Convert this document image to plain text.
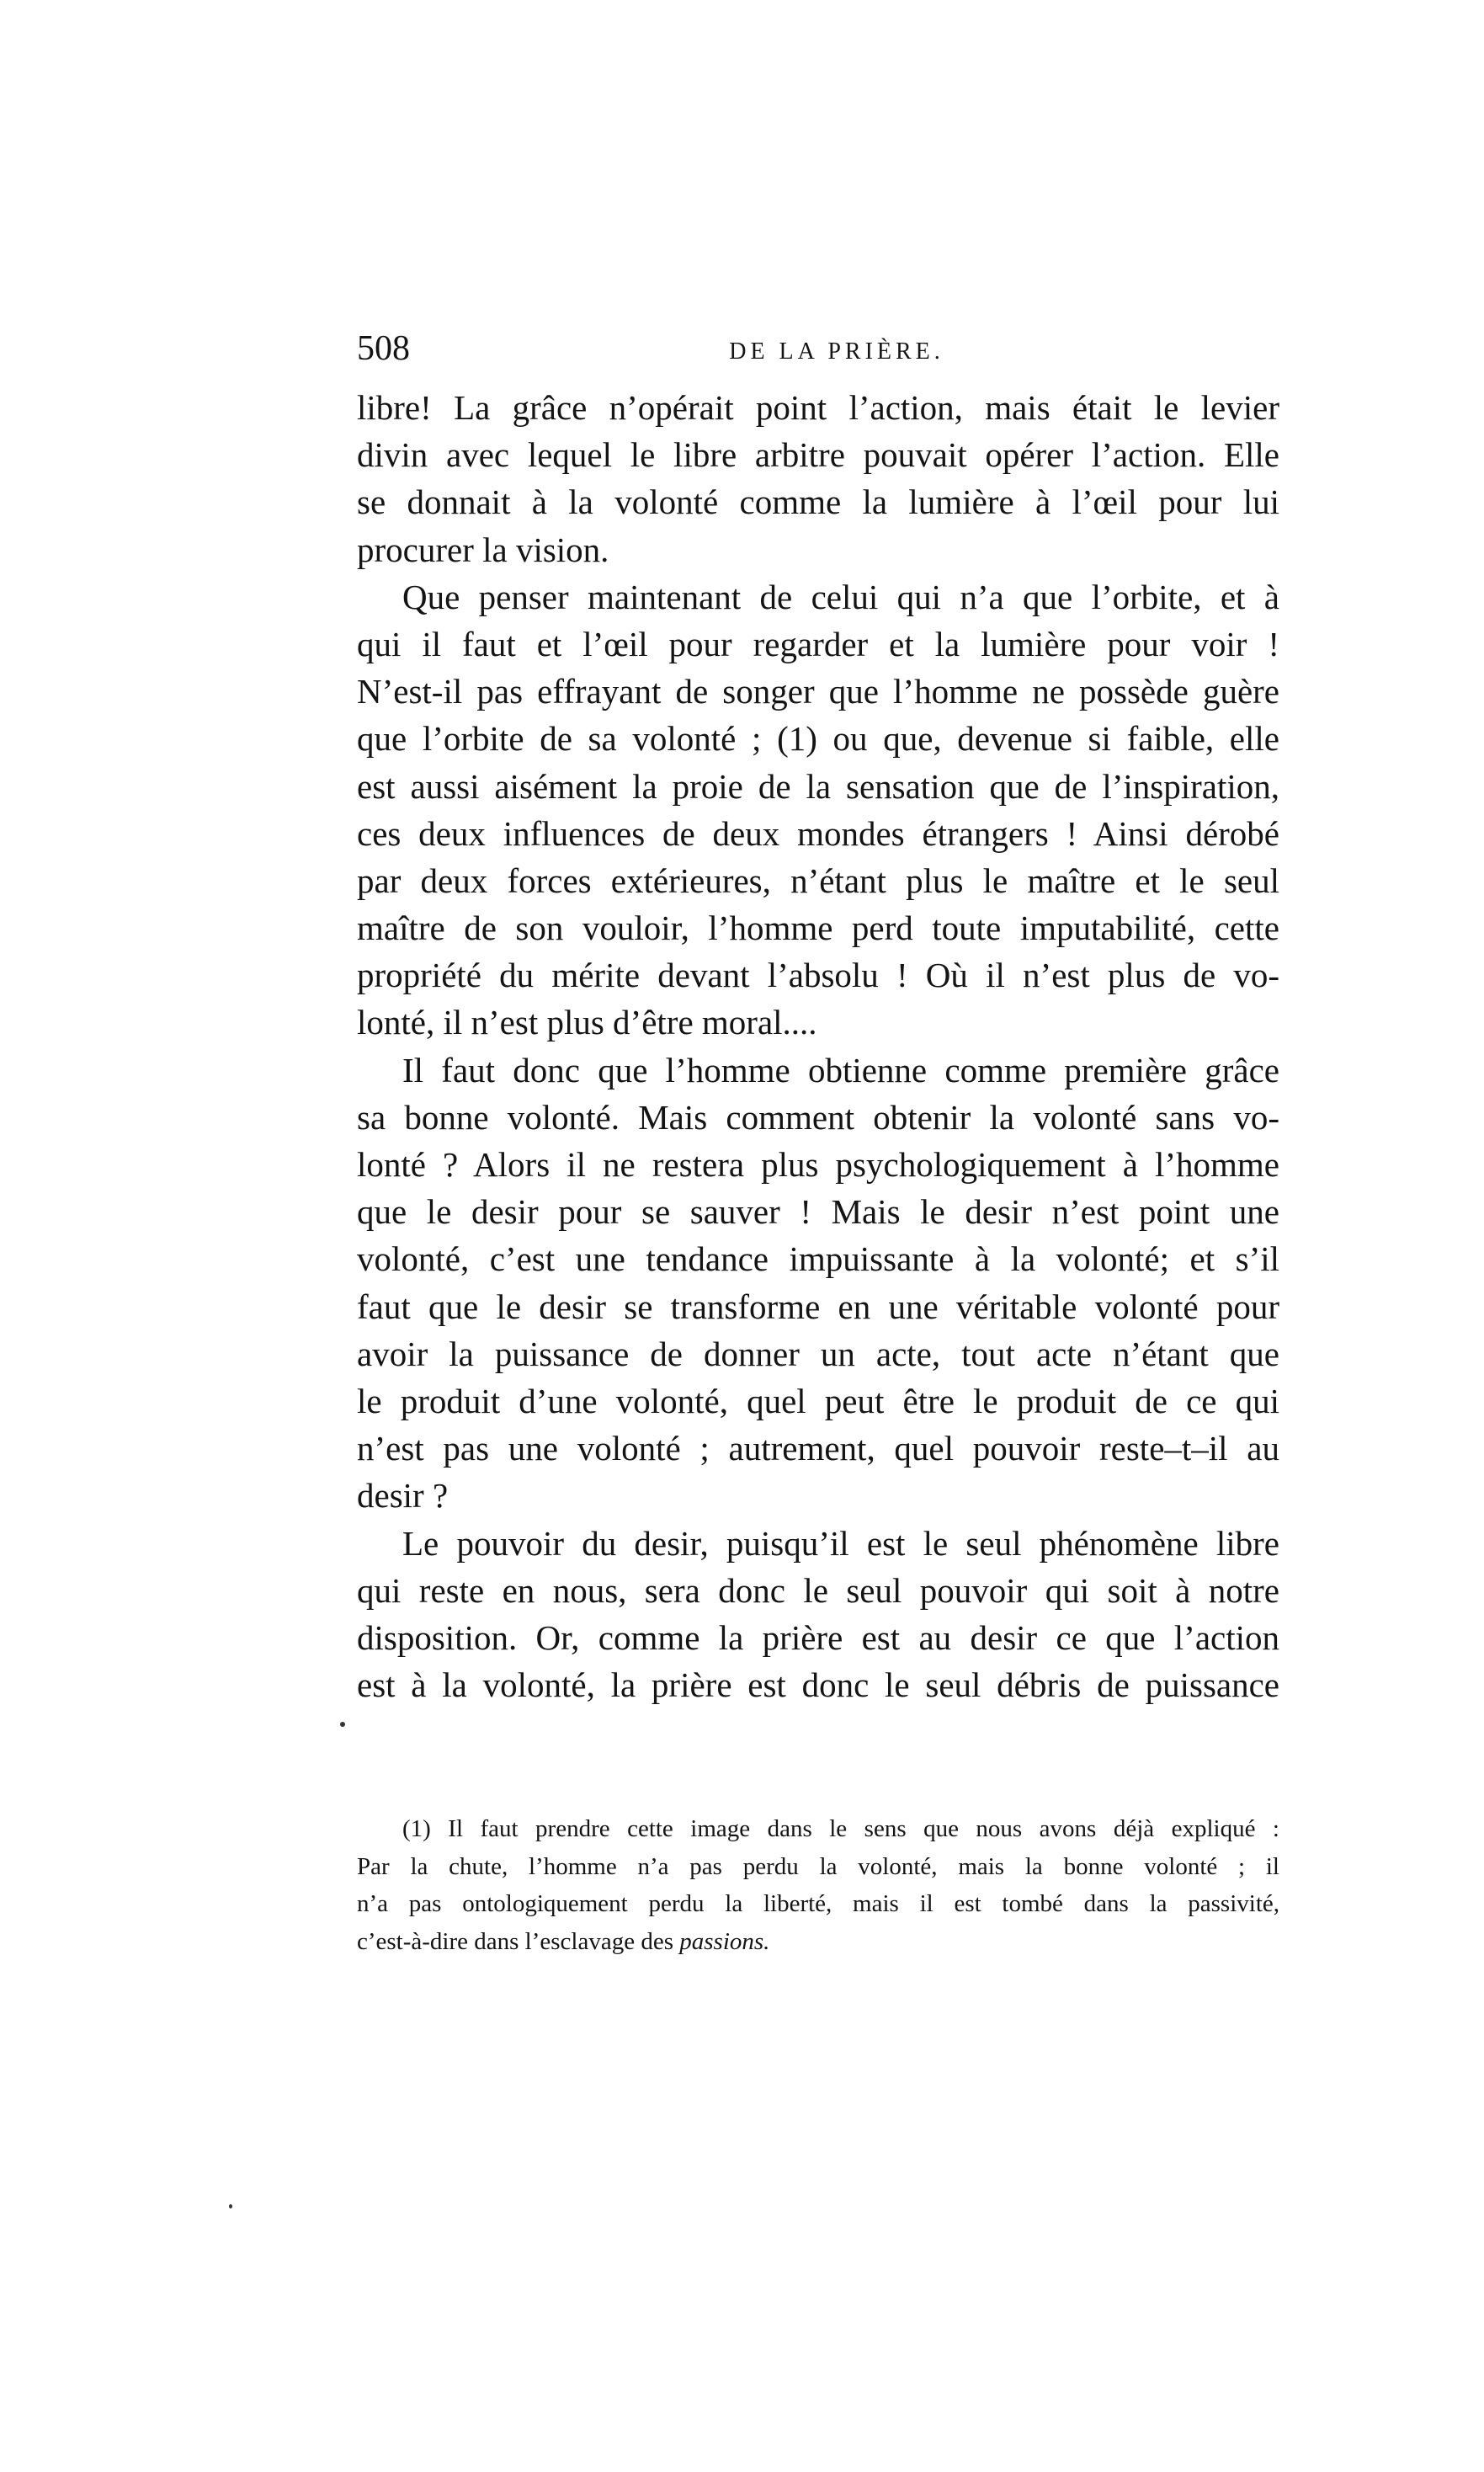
508	DE LA PRIÈRE.
libre! La grâce n’opérait point l’action, mais était le levier
divin avec lequel le libre arbitre pouvait opérer l’action. Elle
se donnait à la volonté comme la lumière à l’œil pour lui
procurer la vision.
Que penser maintenant de celui qui n’a que l’orbite, et à
qui il faut et l’œil pour regarder et la lumière pour voir !
N’est-il pas effrayant de songer que l’homme ne possède guère
que l’orbite de sa volonté ; (1) ou que, devenue si faible, elle
est aussi aisément la proie de la sensation que de l’inspiration,
ces deux influences de deux mondes étrangers ! Ainsi dérobé
par deux forces extérieures, n’étant plus le maître et le seul
maître de son vouloir, l’homme perd toute imputabilité, cette
propriété du mérite devant l’absolu ! Où il n’est plus de vo-
lonté, il n’est plus d’être moral....
Il faut donc que l’homme obtienne comme première grâce
sa bonne volonté. Mais comment obtenir la volonté sans vo-
lonté ? Alors il ne restera plus psychologiquement à l’homme
que le desir pour se sauver ! Mais le desir n’est point une
volonté, c’est une tendance impuissante à la volonté; et s’il
faut que le desir se transforme en une véritable volonté pour
avoir la puissance de donner un acte, tout acte n’étant que
le produit d’une volonté, quel peut être le produit de ce qui
n’est pas une volonté ; autrement, quel pouvoir reste–t–il au
desir ?
Le pouvoir du desir, puisqu’il est le seul phénomène libre
qui reste en nous, sera donc le seul pouvoir qui soit à notre
disposition. Or, comme la prière est au desir ce que l’action
est à la volonté, la prière est donc le seul débris de puissance
(1) Il faut prendre cette image dans le sens que nous avons déjà expliqué :
Par la chute, l’homme n’a pas perdu la volonté, mais la bonne volonté ; il
n’a pas ontologiquement perdu la liberté, mais il est tombé dans la passivité,
c’est-à-dire dans l’esclavage des passions.
